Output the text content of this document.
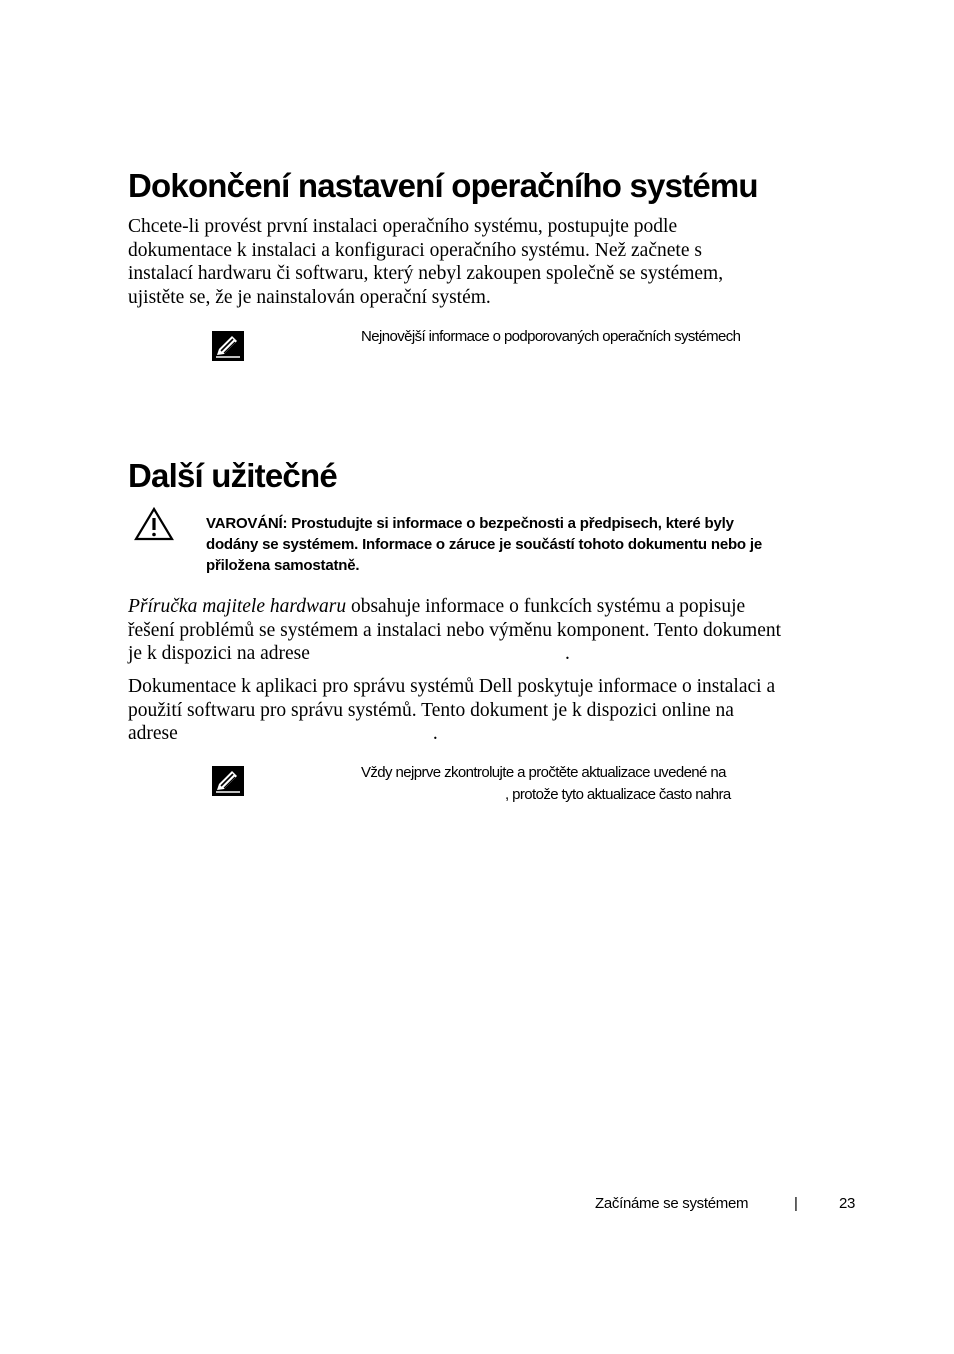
Dokončení nastavení operačního systému
Chcete-li provést první instalaci operačního systému, postupujte podle
dokumentace k instalaci a konfiguraci operačního systému. Než začnete s
instalací hardwaru či softwaru, který nebyl zakoupen společně se systémem,
ujistěte se, že je nainstalován operační systém.
Nejnovější informace o podporovaných operačních systémech
Další užitečné
VAROVÁNÍ: Prostudujte si informace o bezpečnosti a předpisech, které byly
dodány se systémem. Informace o záruce je součástí tohoto dokumentu nebo je
přiložena samostatně.
Příručka majitele hardwaru obsahuje informace o funkcích systému a popisuje
řešení problémů se systémem a instalaci nebo výměnu komponent. Tento dokument
je k dispozici na adrese	.
Dokumentace k aplikaci pro správu systémů Dell poskytuje informace o instalaci a
použití softwaru pro správu systémů. Tento dokument je k dispozici online na
adrese	.
Vždy nejprve zkontrolujte a pročtěte aktualizace uvedené na
, protože tyto aktualizace často nahra
Začínáme se systémem	|	23
